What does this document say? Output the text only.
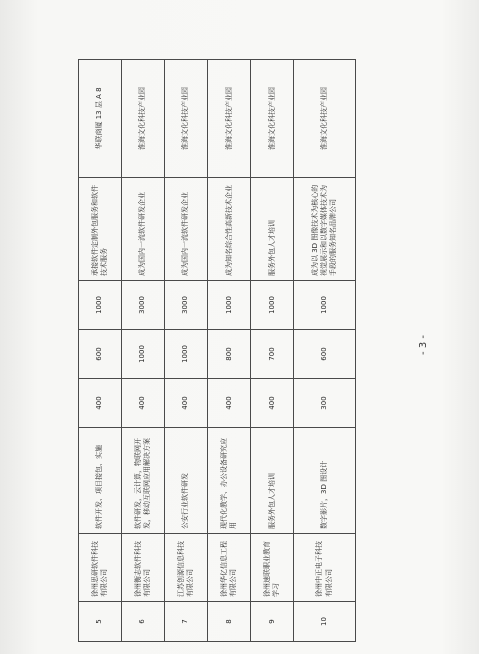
5	徐州思研软件科技有限公司	软件开发、项目接包、实施	400	600	1000	承接软件定制外包服务和软件技术服务	华联商厦 13 层 A 8
6	徐州衡志软件科技有限公司	软件研发，云计算，物联网开发，移动互联网应用解决方案	400	1000	3000	成为国内一流软件研发企业	淮海文化科技产业园
7	江苏创源信息科技有限公司	公安行业软件研发	400	1000	3000	成为国内一流软件研发企业	淮海文化科技产业园
8	徐州华亿信息工程有限公司	现代化教学、办公设备研究应用	400	800	1000	成为知名综合性高新技术企业	淮海文化科技产业园
9	徐州速联职业教育学习	服务外包人才培训	400	700	1000	服务外包人才培训	淮海文化科技产业园
10	徐州中正电子科技有限公司	数字影片，3D 图设计	300	600	1000	成为以 3D 图像技术为核心的视觉展示和以数字媒体技术为手段的服务知名品牌公司	淮海文化科技产业园
- 3 -
